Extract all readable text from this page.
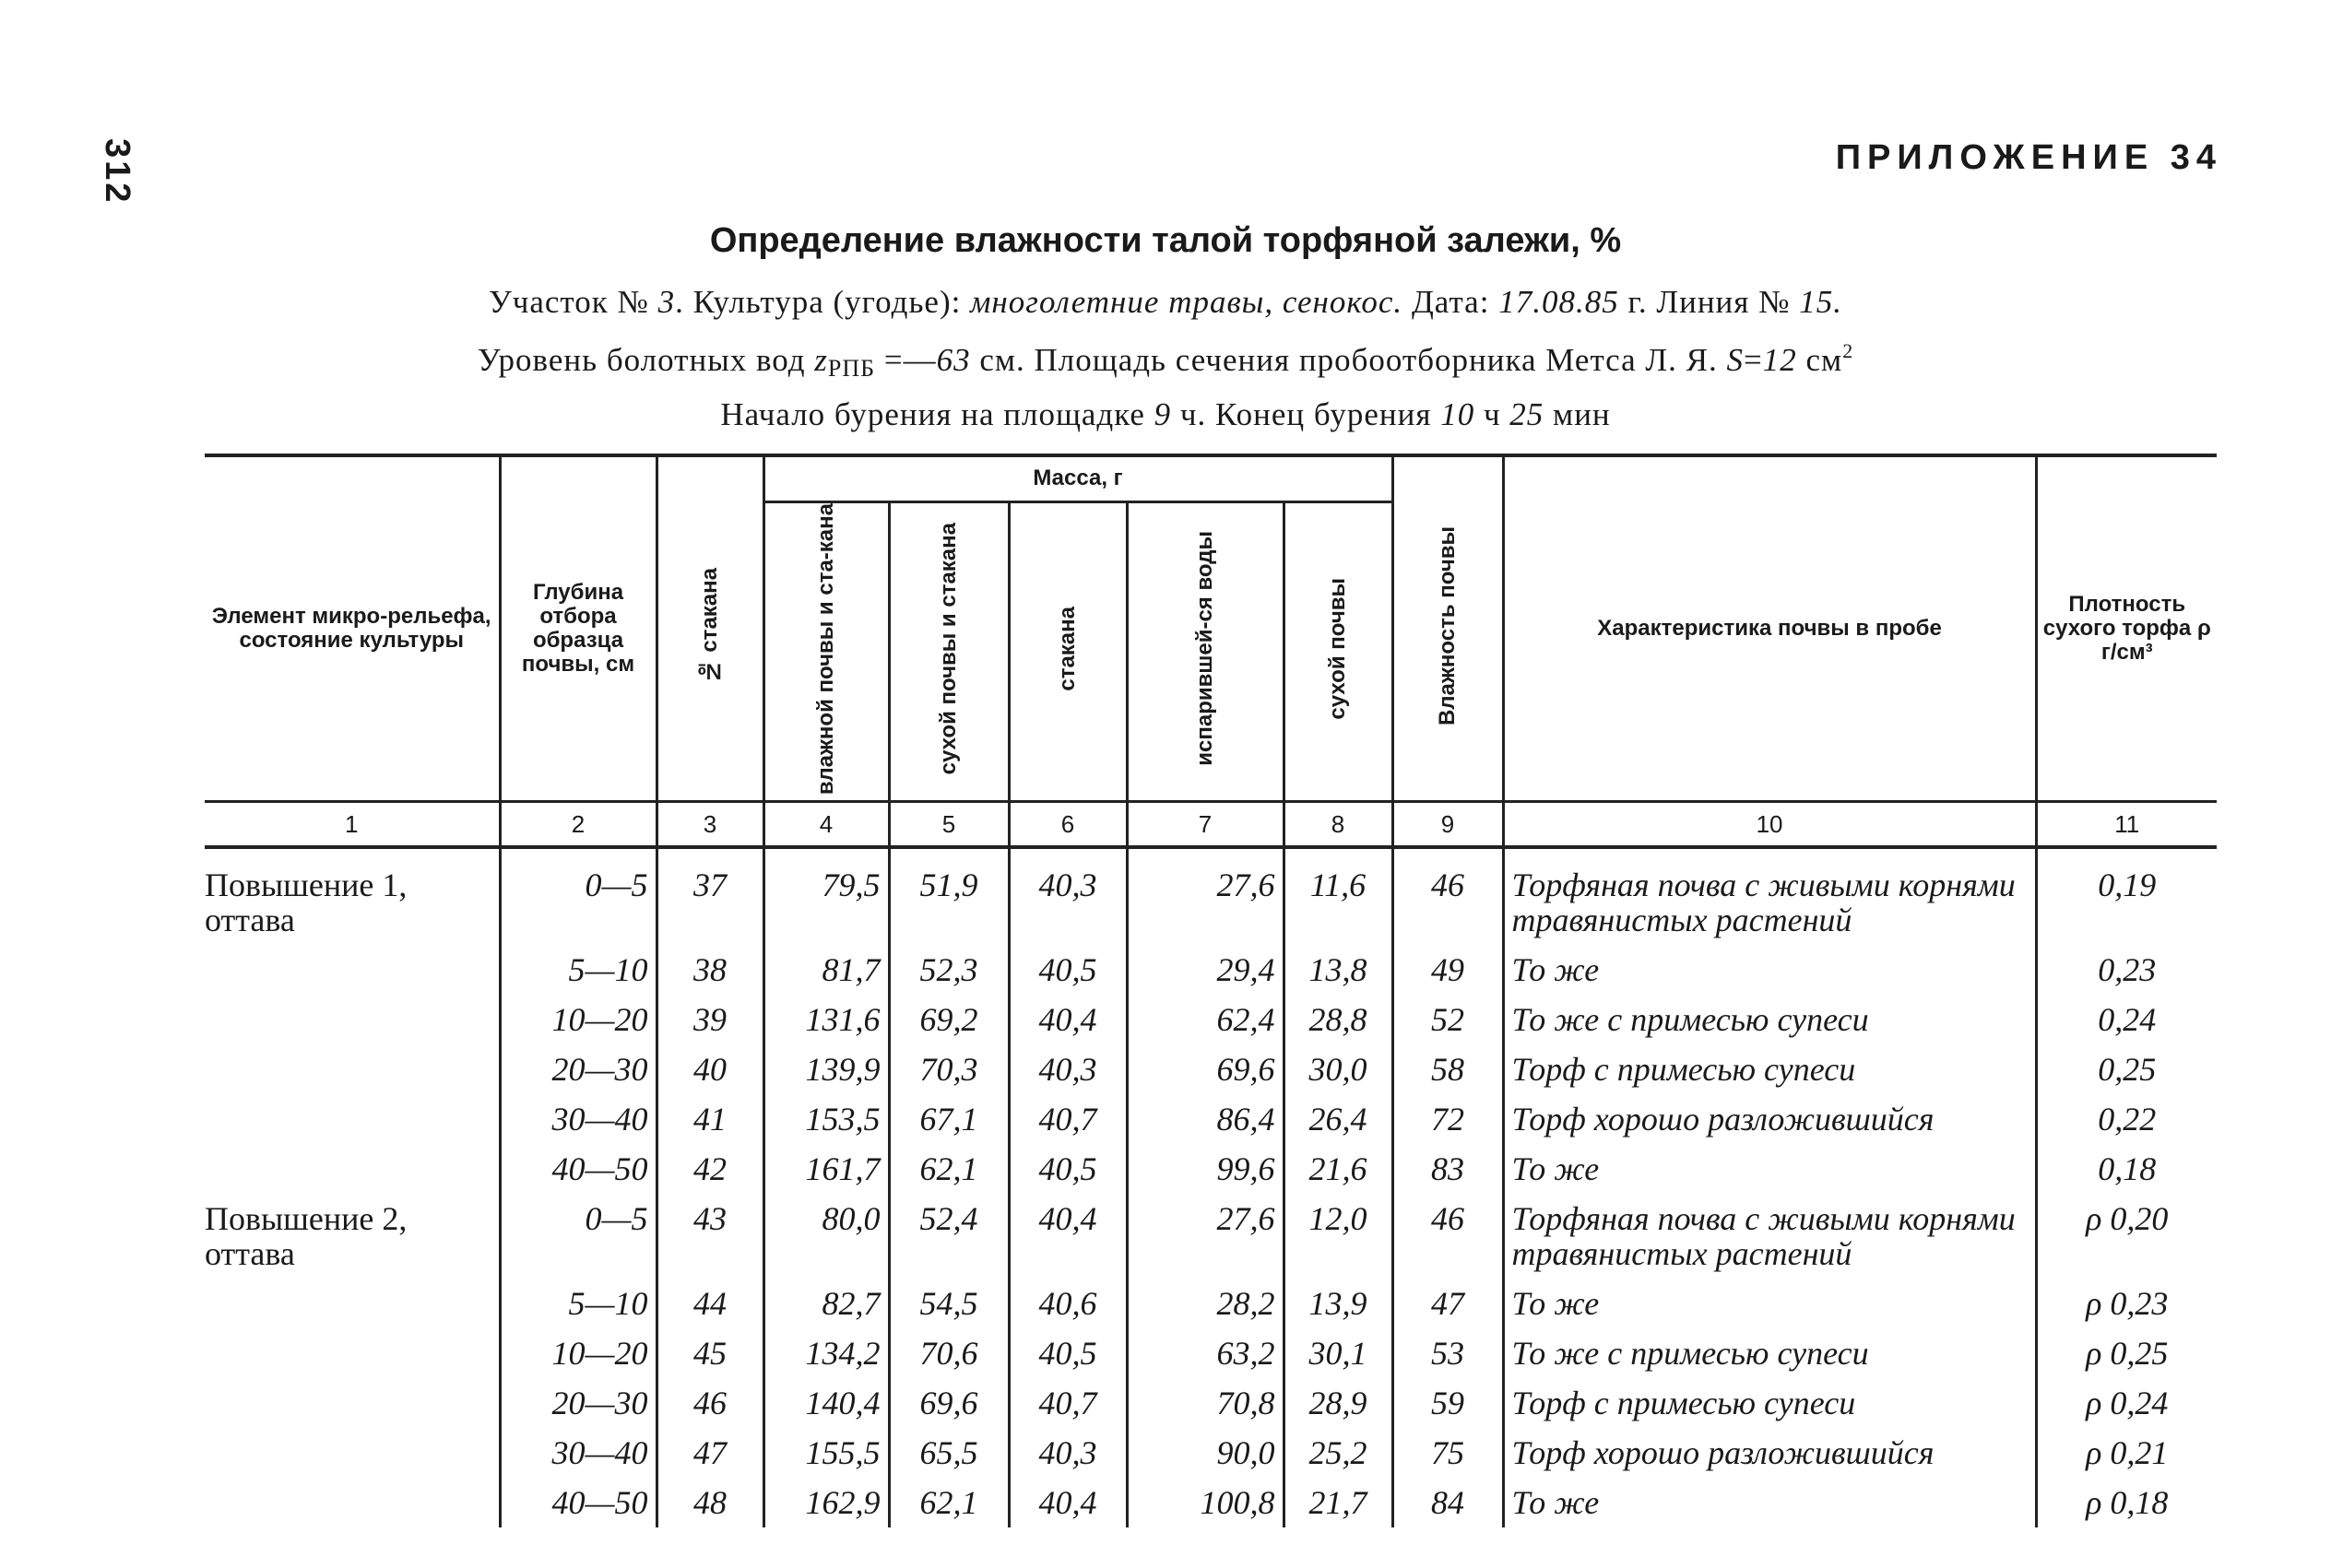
312	ПРИЛОЖЕНИЕ 34
Определение влажности талой торфяной залежи, %
Участок № 3. Культура (угодье): многолетние травы, сенокос. Дата: 17.08.85 г. Линия № 15.
Уровень болотных вод $z_{РПБ}$ =—63 см. Площадь сечения пробоотборника Метса Л. Я. S=12 $см^2$
Начало бурения на площадке 9 ч. Конец бурения 10 ч 25 мин
Элемент микро-рельефа, состояние культуры	Глубина отбора образца почвы, см	№ стакана	Масса, г					Влажность почвы	Характеристика почвы в пробе	Плотность сухого торфа ρ г/см³
			влажной почвы и ста-кана	сухой почвы и стакана	стакана	испарившей-ся воды	сухой почвы			
1	2	3	4	5	6	7	8	9	10	11

Повышение 1, оттава	0—5	37	79,5	51,9	40,3	27,6	11,6	46	Торфяная почва с живыми корнями травянистых растений	0,19
	5—10	38	81,7	52,3	40,5	29,4	13,8	49	То же	0,23
	10—20	39	131,6	69,2	40,4	62,4	28,8	52	То же с примесью супеси	0,24
	20—30	40	139,9	70,3	40,3	69,6	30,0	58	Торф с примесью супеси	0,25
	30—40	41	153,5	67,1	40,7	86,4	26,4	72	Торф хорошо разложившийся	0,22
	40—50	42	161,7	62,1	40,5	99,6	21,6	83	То же	0,18
Повышение 2, оттава	0—5	43	80,0	52,4	40,4	27,6	12,0	46	Торфяная почва с живыми корнями травянистых растений	ρ 0,20
	5—10	44	82,7	54,5	40,6	28,2	13,9	47	То же	ρ 0,23
	10—20	45	134,2	70,6	40,5	63,2	30,1	53	То же с примесью супеси	ρ 0,25
	20—30	46	140,4	69,6	40,7	70,8	28,9	59	Торф с примесью супеси	ρ 0,24
	30—40	47	155,5	65,5	40,3	90,0	25,2	75	Торф хорошо разложившийся	ρ 0,21
	40—50	48	162,9	62,1	40,4	100,8	21,7	84	То же	ρ 0,18
